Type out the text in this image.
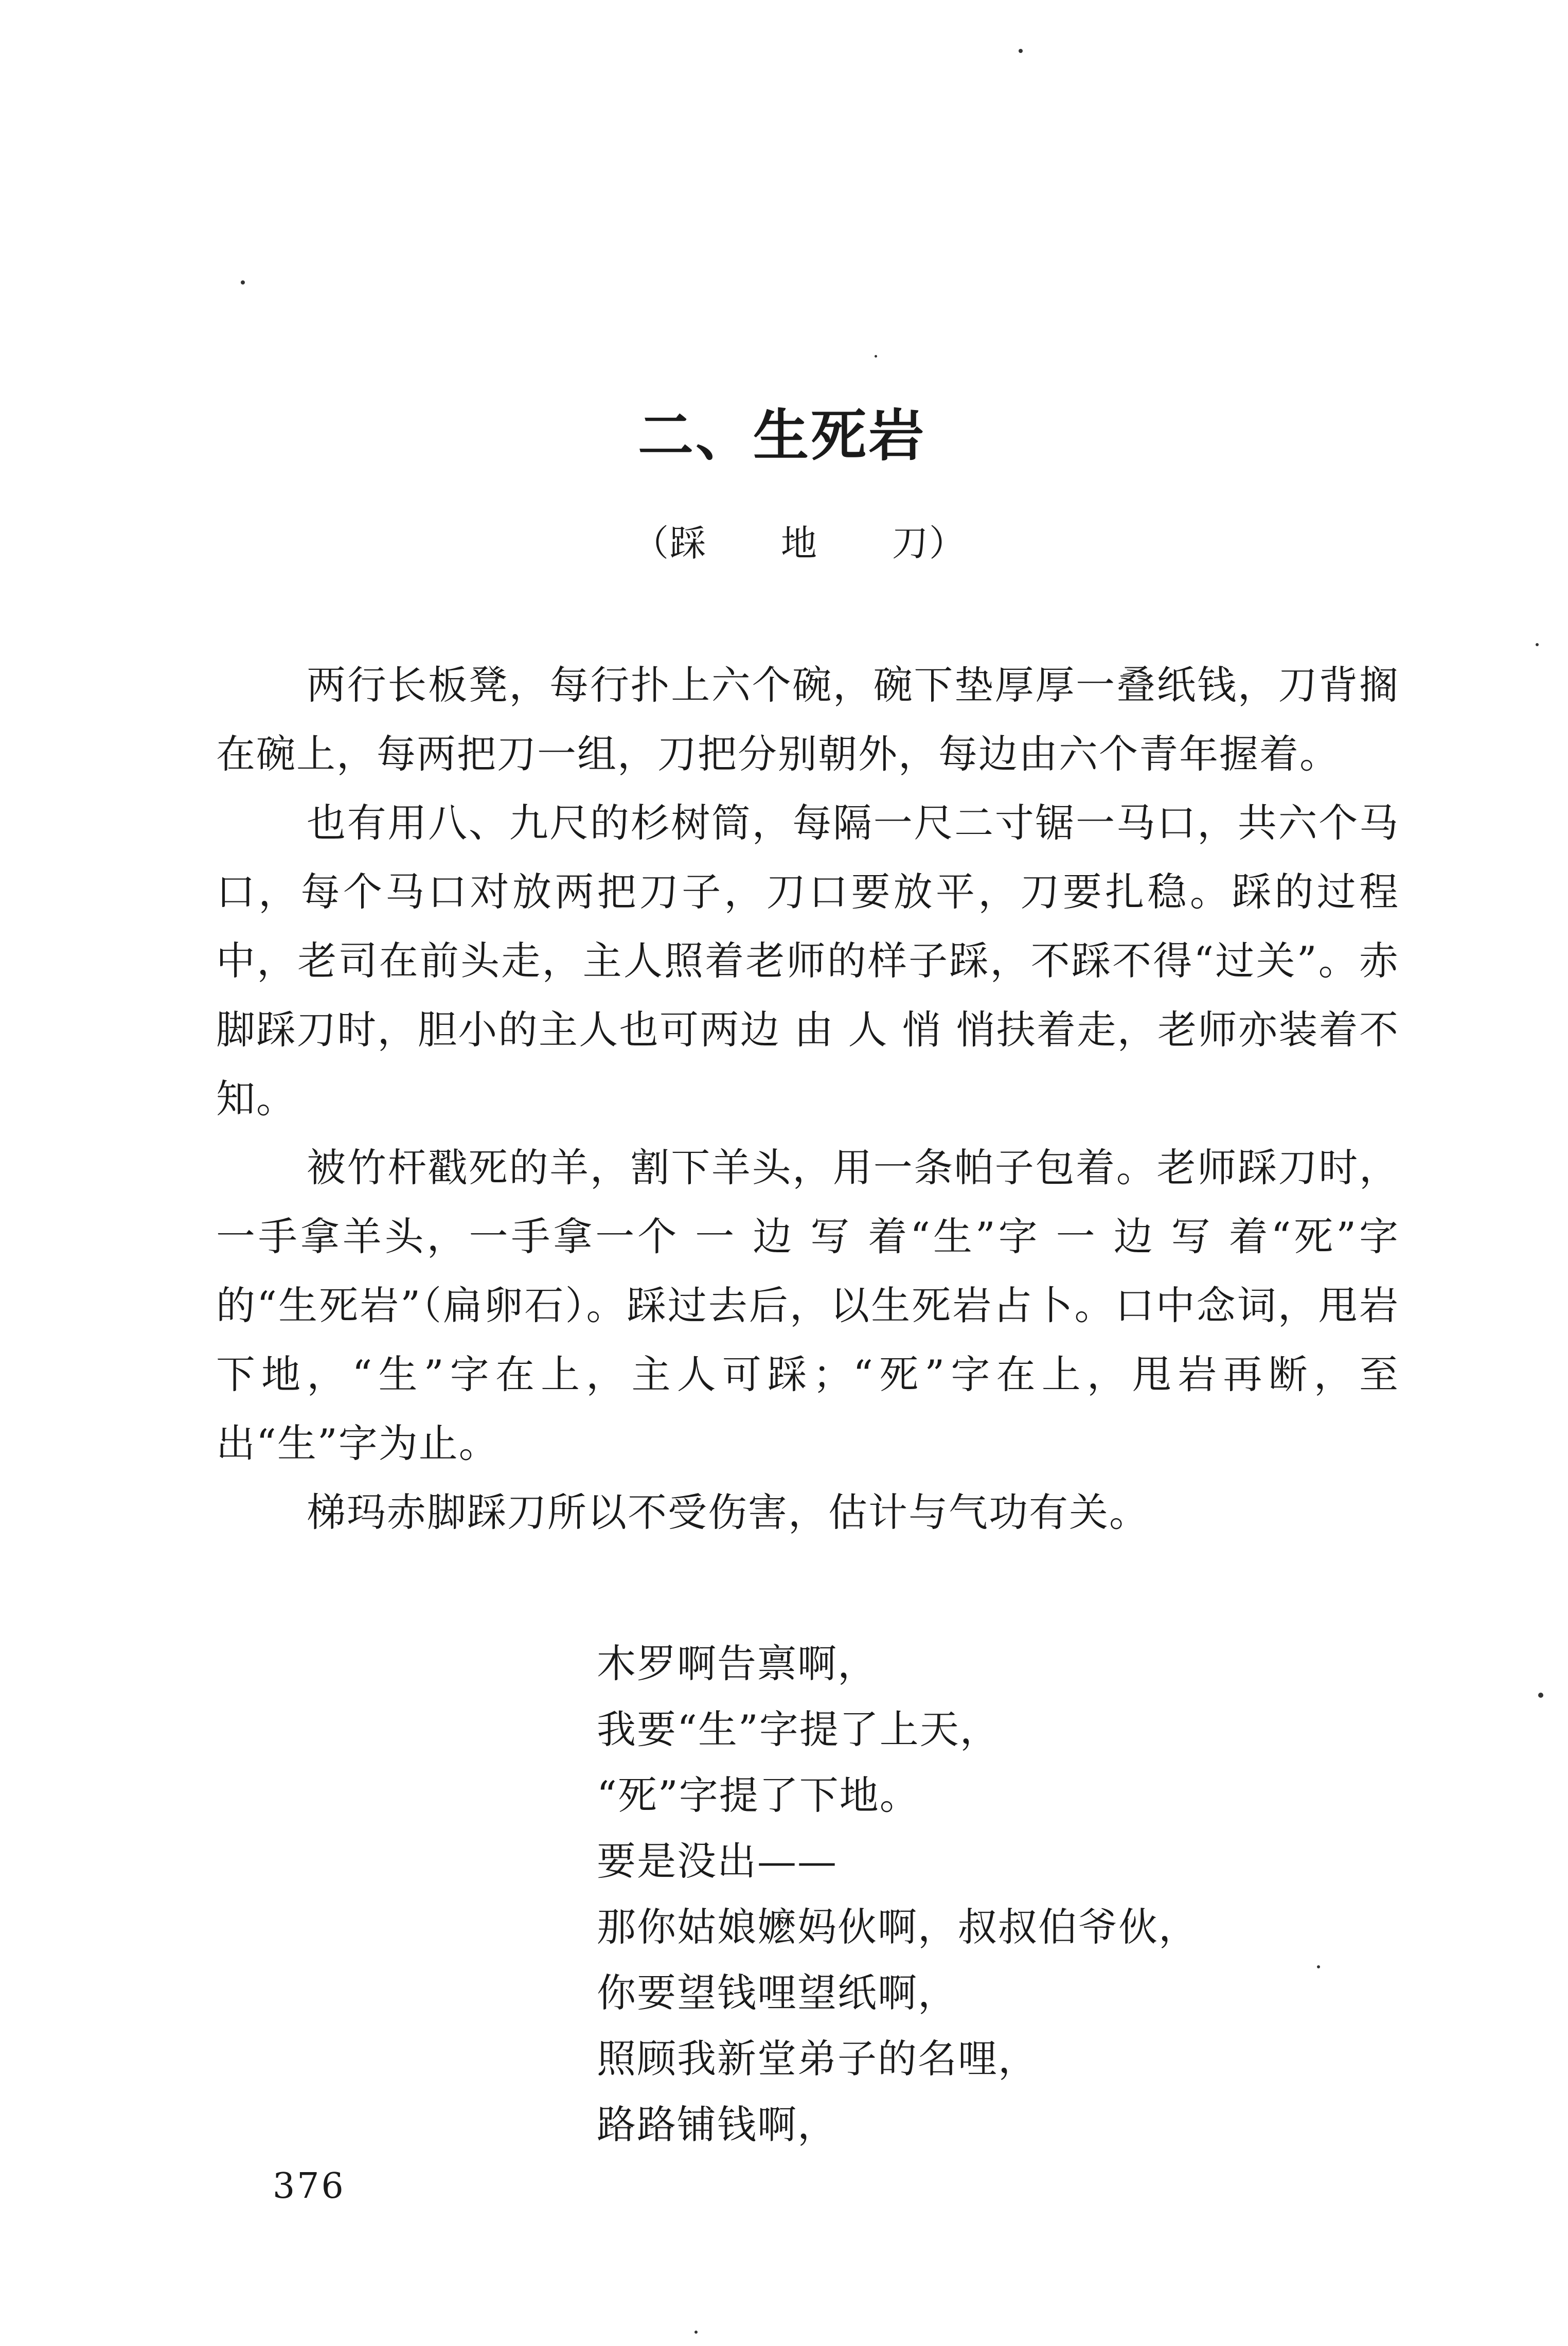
二、生死岩
（踩　　地　　刀）

两行长板凳，每行扑上六个碗，碗下垫厚厚一叠纸钱，刀背搁在碗上，每两把刀一组，刀把分别朝外，每边由六个青年握着。

也有用八、九尺的杉树筒，每隔一尺二寸锯一马口，共六个马口，每个马口对放两把刀子，刀口要放平，刀要扎稳。踩的过程中，老司在前头走，主人照着老师的样子踩，不踩不得“过关”。赤脚踩刀时，胆小的主人也可两边 由 人 悄 悄扶着走，老师亦装着不知。

被竹杆戳死的羊，割下羊头，用一条帕子包着。老师踩刀时，一手拿羊头，一手拿一个 一 边 写 着“生”字 一 边 写 着“死”字的“生死岩”（扁卵石）。踩过去后，以生死岩占卜。口中念词，甩岩下地，“生”字在上，主人可踩；“死”字在上，甩岩再断，至出“生”字为止。

梯玛赤脚踩刀所以不受伤害，估计与气功有关。

木罗啊告禀啊，
我要“生”字提了上天，
“死”字提了下地。
要是没出——
那你姑娘嬷妈伙啊，叔叔伯爷伙，
你要望钱哩望纸啊，
照顾我新堂弟子的名哩，
路路铺钱啊，
376
